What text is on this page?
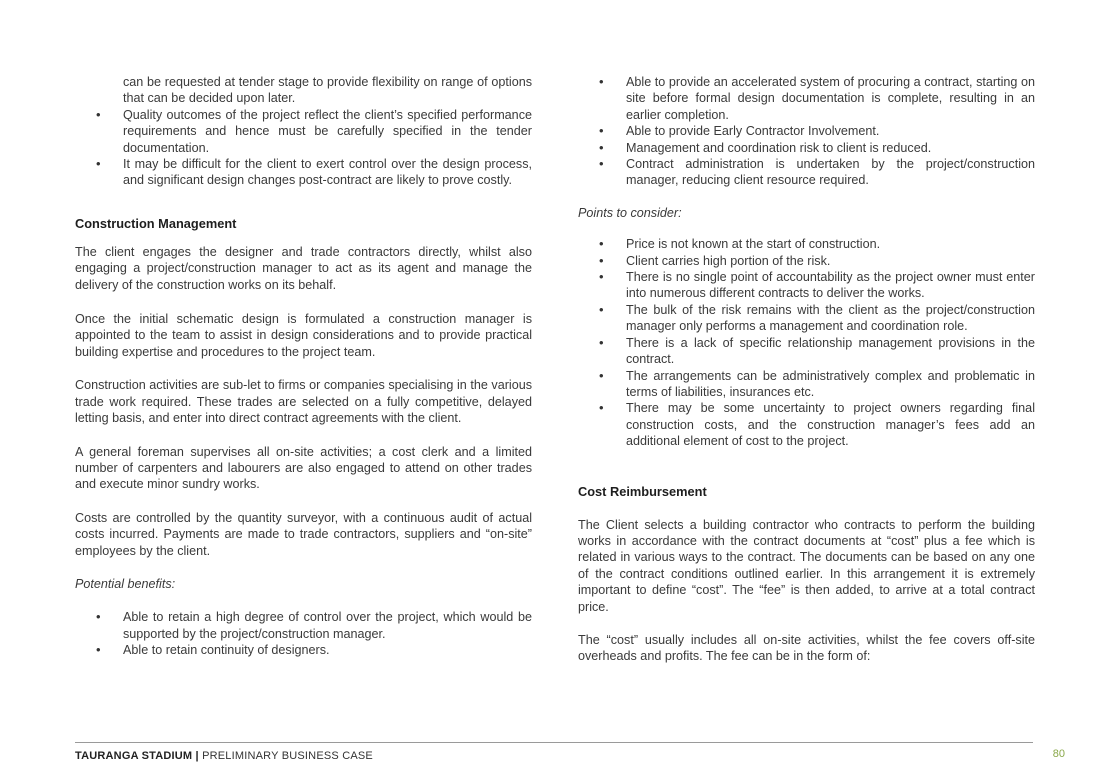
can be requested at tender stage to provide flexibility on range of options that can be decided upon later.
• Quality outcomes of the project reflect the client’s specified performance requirements and hence must be carefully specified in the tender documentation.
• It may be difficult for the client to exert control over the design process, and significant design changes post-contract are likely to prove costly.
Construction Management

The client engages the designer and trade contractors directly, whilst also engaging a project/construction manager to act as its agent and manage the delivery of the construction works on its behalf.

Once the initial schematic design is formulated a construction manager is appointed to the team to assist in design considerations and to provide practical building expertise and procedures to the project team.

Construction activities are sub-let to firms or companies specialising in the various trade work required. These trades are selected on a fully competitive, delayed letting basis, and enter into direct contract agreements with the client.

A general foreman supervises all on-site activities; a cost clerk and a limited number of carpenters and labourers are also engaged to attend on other trades and execute minor sundry works.

Costs are controlled by the quantity surveyor, with a continuous audit of actual costs incurred. Payments are made to trade contractors, suppliers and “on-site” employees by the client.

Potential benefits:

• Able to retain a high degree of control over the project, which would be supported by the project/construction manager.
• Able to retain continuity of designers.
• Able to provide an accelerated system of procuring a contract, starting on site before formal design documentation is complete, resulting in an earlier completion.
• Able to provide Early Contractor Involvement.
• Management and coordination risk to client is reduced.
• Contract administration is undertaken by the project/construction manager, reducing client resource required.

Points to consider:

• Price is not known at the start of construction.
• Client carries high portion of the risk.
• There is no single point of accountability as the project owner must enter into numerous different contracts to deliver the works.
• The bulk of the risk remains with the client as the project/construction manager only performs a management and coordination role.
• There is a lack of specific relationship management provisions in the contract.
• The arrangements can be administratively complex and problematic in terms of liabilities, insurances etc.
• There may be some uncertainty to project owners regarding final construction costs, and the construction manager’s fees add an additional element of cost to the project.
Cost Reimbursement

The Client selects a building contractor who contracts to perform the building works in accordance with the contract documents at “cost” plus a fee which is related in various ways to the contract. The documents can be based on any one of the contract conditions outlined earlier. In this arrangement it is extremely important to define “cost”. The “fee” is then added, to arrive at a total contract price.

The “cost” usually includes all on-site activities, whilst the fee covers off-site overheads and profits. The fee can be in the form of:

TAURANGA STADIUM | PRELIMINARY BUSINESS CASE	80
